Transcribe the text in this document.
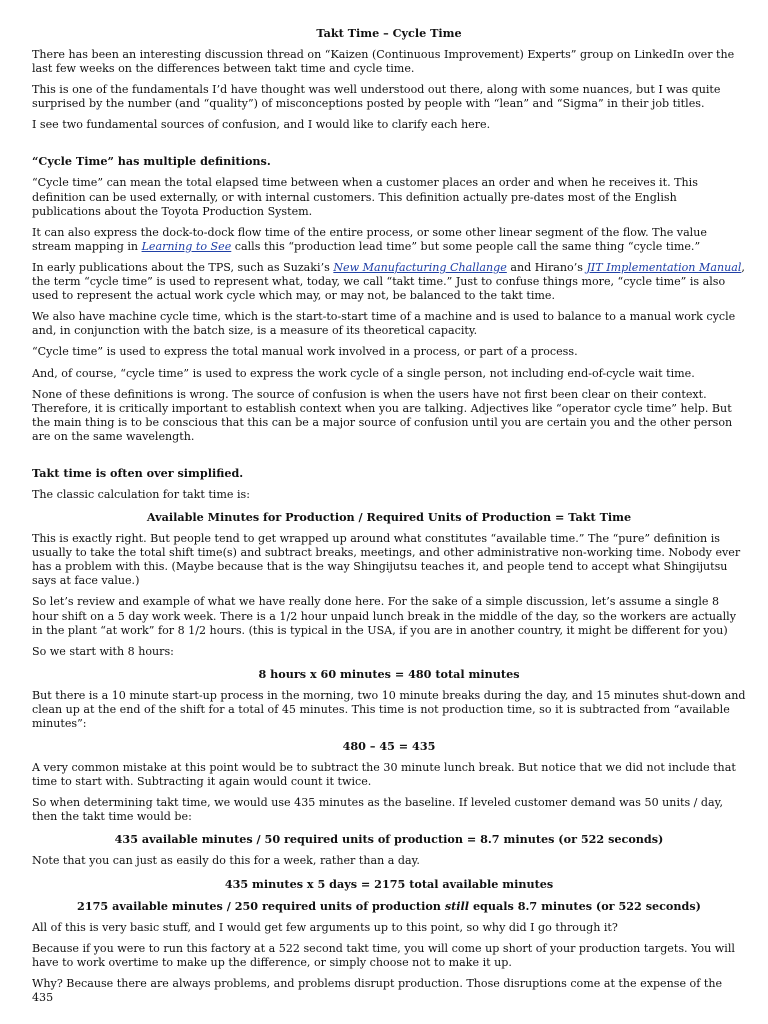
Takt Time – Cycle Time

There has been an interesting discussion thread on “Kaizen (Continuous Improvement) Experts” group on LinkedIn over the last few weeks on the differences between takt time and cycle time.

This is one of the fundamentals I’d have thought was well understood out there, along with some nuances, but I was quite surprised by the number (and “quality”) of misconceptions posted by people with “lean” and “Sigma” in their job titles.

I see two fundamental sources of confusion, and I would like to clarify each here.

“Cycle Time” has multiple definitions.

“Cycle time” can mean the total elapsed time between when a customer places an order and when he receives it. This definition can be used externally, or with internal customers. This definition actually pre-dates most of the English publications about the Toyota Production System.

It can also express the dock-to-dock flow time of the entire process, or some other linear segment of the flow. The value stream mapping in Learning to See calls this “production lead time” but some people call the same thing “cycle time.”

In early publications about the TPS, such as Suzaki’s New Manufacturing Challange and Hirano’s JIT Implementation Manual, the term “cycle time” is used to represent what, today, we call “takt time.” Just to confuse things more, “cycle time” is also used to represent the actual work cycle which may, or may not, be balanced to the takt time.

We also have machine cycle time, which is the start-to-start time of a machine and is used to balance to a manual work cycle and, in conjunction with the batch size, is a measure of its theoretical capacity.

“Cycle time” is used to express the total manual work involved in a process, or part of a process.

And, of course, “cycle time” is used to express the work cycle of a single person, not including end-of-cycle wait time.

None of these definitions is wrong. The source of confusion is when the users have not first been clear on their context. Therefore, it is critically important to establish context when you are talking. Adjectives like “operator cycle time” help. But the main thing is to be conscious that this can be a major source of confusion until you are certain you and the other person are on the same wavelength.

Takt time is often over simplified.

The classic calculation for takt time is:

Available Minutes for Production / Required Units of Production = Takt Time

This is exactly right. But people tend to get wrapped up around what constitutes “available time.” The “pure” definition is usually to take the total shift time(s) and subtract breaks, meetings, and other administrative non-working time. Nobody ever has a problem with this. (Maybe because that is the way Shingijutsu teaches it, and people tend to accept what Shingijutsu says at face value.)

So let’s review and example of what we have really done here. For the sake of a simple discussion, let’s assume a single 8 hour shift on a 5 day work week. There is a 1/2 hour unpaid lunch break in the middle of the day, so the workers are actually in the plant “at work” for 8 1/2 hours. (this is typical in the USA, if you are in another country, it might be different for you)

So we start with 8 hours:

8 hours x 60 minutes = 480 total minutes

But there is a 10 minute start-up process in the morning, two 10 minute breaks during the day, and 15 minutes shut-down and clean up at the end of the shift for a total of 45 minutes. This time is not production time, so it is subtracted from “available minutes”:

480 – 45 = 435

A very common mistake at this point would be to subtract the 30 minute lunch break. But notice that we did not include that time to start with. Subtracting it again would count it twice.

So when determining takt time, we would use 435 minutes as the baseline. If leveled customer demand was 50 units / day, then the takt time would be:

435 available minutes / 50 required units of production = 8.7 minutes (or 522 seconds)

Note that you can just as easily do this for a week, rather than a day.

435 minutes x 5 days = 2175 total available minutes
2175 available minutes / 250 required units of production still equals 8.7 minutes (or 522 seconds)

All of this is very basic stuff, and I would get few arguments up to this point, so why did I go through it?

Because if you were to run this factory at a 522 second takt time, you will come up short of your production targets. You will have to work overtime to make up the difference, or simply choose not to make it up.

Why? Because there are always problems, and problems disrupt production. Those disruptions come at the expense of the 435
